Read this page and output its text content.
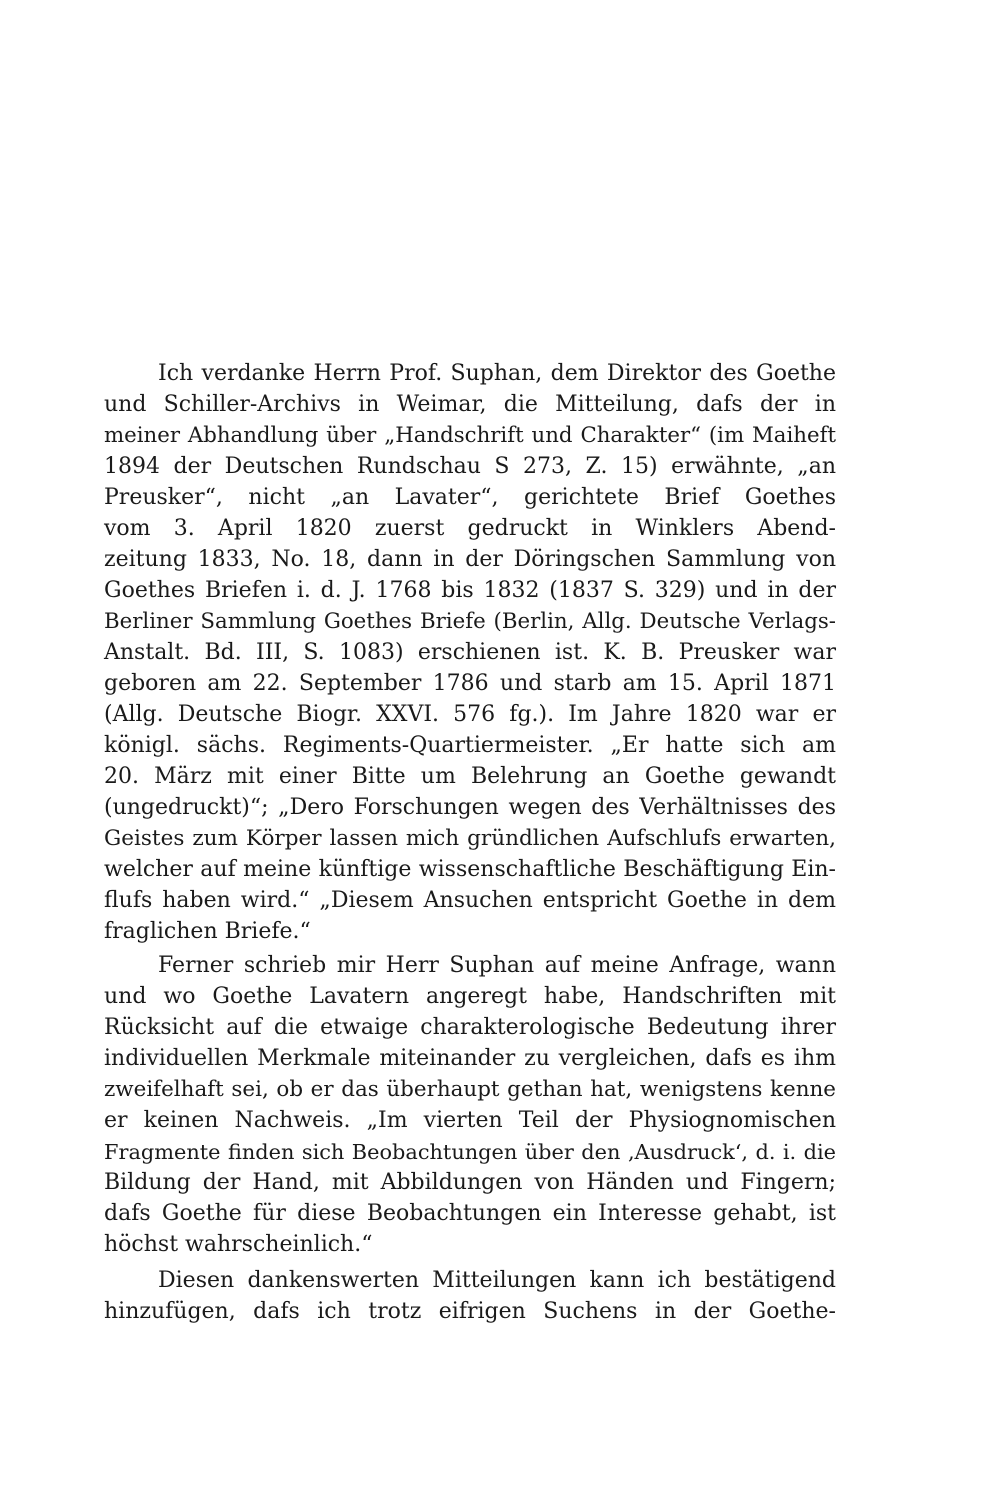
Ich verdanke Herrn Prof. Suphan, dem Direktor des Goethe
und Schiller-Archivs in Weimar, die Mitteilung, dafs der in
meiner Abhandlung über „Handschrift und Charakter“ (im Maiheft
1894 der Deutschen Rundschau S 273, Z. 15) erwähnte, „an
Preusker“, nicht „an Lavater“, gerichtete Brief Goethes
vom 3. April 1820 zuerst gedruckt in Winklers Abend-
zeitung 1833, No. 18, dann in der Döringschen Sammlung von
Goethes Briefen i. d. J. 1768 bis 1832 (1837 S. 329) und in der
Berliner Sammlung Goethes Briefe (Berlin, Allg. Deutsche Verlags-
Anstalt. Bd. III, S. 1083) erschienen ist. K. B. Preusker war
geboren am 22. September 1786 und starb am 15. April 1871
(Allg. Deutsche Biogr. XXVI. 576 fg.). Im Jahre 1820 war er
königl. sächs. Regiments-Quartiermeister. „Er hatte sich am
20. März mit einer Bitte um Belehrung an Goethe gewandt
(ungedruckt)“; „Dero Forschungen wegen des Verhältnisses des
Geistes zum Körper lassen mich gründlichen Aufschlufs erwarten,
welcher auf meine künftige wissenschaftliche Beschäftigung Ein-
flufs haben wird.“ „Diesem Ansuchen entspricht Goethe in dem
fraglichen Briefe.“
Ferner schrieb mir Herr Suphan auf meine Anfrage, wann
und wo Goethe Lavatern angeregt habe, Handschriften mit
Rücksicht auf die etwaige charakterologische Bedeutung ihrer
individuellen Merkmale miteinander zu vergleichen, dafs es ihm
zweifelhaft sei, ob er das überhaupt gethan hat, wenigstens kenne
er keinen Nachweis. „Im vierten Teil der Physiognomischen
Fragmente finden sich Beobachtungen über den ‚Ausdruck‘, d. i. die
Bildung der Hand, mit Abbildungen von Händen und Fingern;
dafs Goethe für diese Beobachtungen ein Interesse gehabt, ist
höchst wahrscheinlich.“
Diesen dankenswerten Mitteilungen kann ich bestätigend
hinzufügen, dafs ich trotz eifrigen Suchens in der Goethe-
